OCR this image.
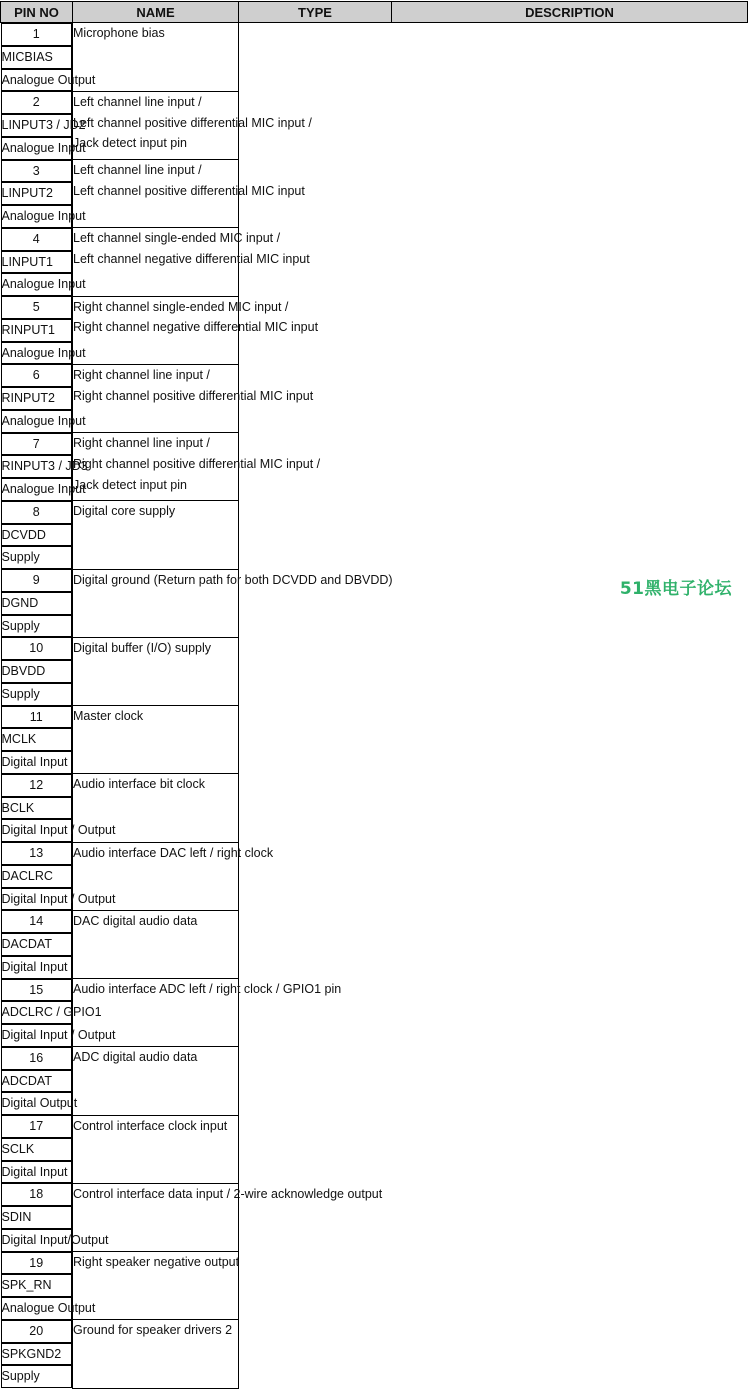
PIN NO	NAME	TYPE	DESCRIPTION

1
MICBIAS
Analogue Output
Microphone bias		

2
LINPUT3 / JD2
Analogue Input
Left channel line input /
Left channel positive differential MIC input /
Jack detect input pin		

3
LINPUT2
Analogue Input
Left channel line input /
Left channel positive differential MIC input		

4
LINPUT1
Analogue Input
Left channel single-ended MIC input /
Left channel negative differential MIC input		

5
RINPUT1
Analogue Input
Right channel single-ended MIC input /
Right channel negative differential MIC input		

6
RINPUT2
Analogue Input
Right channel line input /
Right channel positive differential MIC input		

7
RINPUT3 / JD3
Analogue Input
Right channel line input /
Right channel positive differential MIC input /
Jack detect input pin		

8
DCVDD
Supply
Digital core supply		

9
DGND
Supply
Digital ground (Return path for both DCVDD and DBVDD)		

10
DBVDD
Supply
Digital buffer (I/O) supply		

11
MCLK
Digital Input
Master clock		

12
BCLK
Digital Input / Output
Audio interface bit clock		

13
DACLRC
Digital Input / Output
Audio interface DAC left / right clock		

14
DACDAT
Digital Input
DAC digital audio data		

15
ADCLRC / GPIO1
Digital Input / Output
Audio interface ADC left / right clock / GPIO1 pin		

16
ADCDAT
Digital Output
ADC digital audio data		

17
SCLK
Digital Input
Control interface clock input		

18
SDIN
Digital Input/Output
Control interface data input / 2-wire acknowledge output		

19
SPK_RN
Analogue Output
Right speaker negative output		

20
SPKGND2
Supply
Ground for speaker drivers 2		
51黑电子论坛
